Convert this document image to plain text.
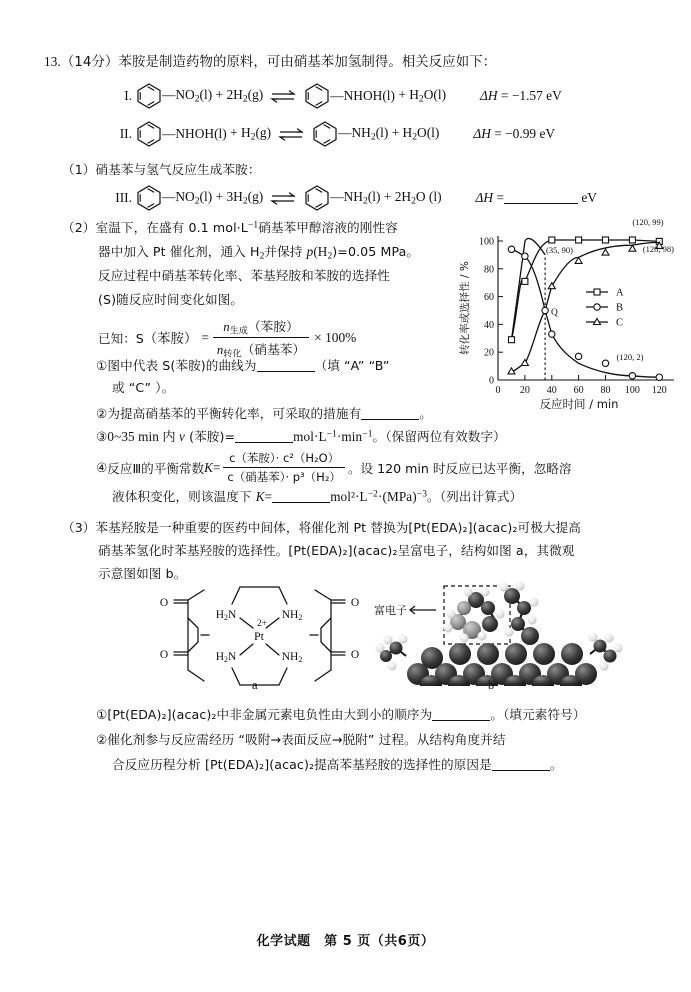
13.（14分）苯胺是制造药物的原料，可由硝基苯加氢制得。相关反应如下：
I. $—NO_2(l) + 2H_2(g)$ ⇌	—NHOH(l) + $H_2O(l)$	ΔH = −1.57 eV
II. —NHOH(l) + $H_2(g)$ ⇌	$—NH_2(l) + H_2O(l)$	ΔH = −0.99 eV
（1）硝基苯与氢气反应生成苯胺：
III. $—NO_2(l) + 3H_2(g)$ ⇌	$—NH_2(l) + 2H_2O$ (l)	ΔH =	eV
（2）室温下，在盛有 0.1 $mol\cdot L^{-1}$硝基苯甲醇溶液的刚性容
器中加入 Pt 催化剂，通入 $H_2$并保持 $p(H_2)=0.05$ MPa。
反应过程中硝基苯转化率、苯基羟胺和苯胺的选择性
(S)随反应时间变化如图。
已知：S （苯胺） = $\frac{n_{生成}(苯胺)}{n_{转化}(硝基苯)} \times 100\%$
①图中代表 S(苯胺)的曲线为	（填 “A” “B”
或 “C” ）。
②为提高硝基苯的平衡转化率，可采取的措施有	。
③0~35 min 内 v (苯胺)=	$mol\cdot L^{-1}\cdot\min^{-1}$。（保留两位有效数字）
④ 反应Ⅲ的平衡常数 $K = \frac{\text{c（苯胺）· c²（H₂O）}}{\text{c（硝基苯）· p³（H₂）}}$ 。设 120 min 时反应已达平衡，忽略溶
液体积变化，则该温度下 K=	$mol^2\cdot L^{-2}\cdot(MPa)^{-3}$。（列出计算式）
0
20
40
60
80
100
0 20 40 60 80 100 120
反应时间 / min
转化率或选择性 / %
(120, 99)
(120, 98)
(35, 90)
(120, 2)
Q
A
B
C
（3）苯基羟胺是一种重要的医药中间体，将催化剂 Pt 替换为[Pt(EDA)₂](acac)₂可极大提高
硝基苯氢化时苯基羟胺的选择性。[Pt(EDA)₂](acac)₂呈富电子，结构如图 a，其微观
示意图如图 b。
O
O
O
O
H2N	NH2
H2N	NH2
Pt
2+
a
富电子
b
①[Pt(EDA)₂](acac)₂中非金属元素电负性由大到小的顺序为	。（填元素符号）
②催化剂参与反应需经历 “吸附→表面反应→脱附” 过程。从结构角度并结
合反应历程分析 [Pt(EDA)₂](acac)₂提高苯基羟胺的选择性的原因是	。
化学试题　第 5 页（共6页）
